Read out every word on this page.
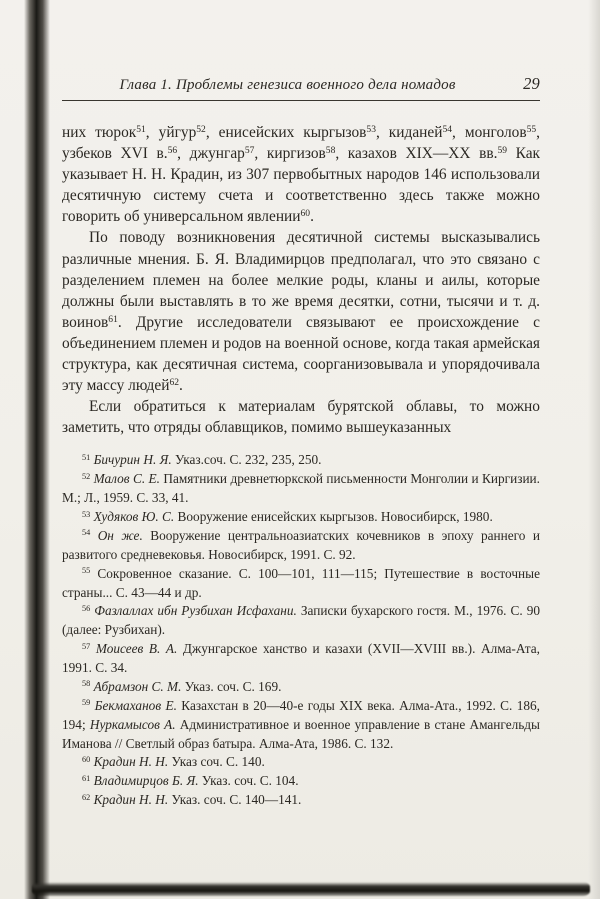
Глава 1. Проблемы генезиса военного дела номадов	29

них тюрок$^{51}$, уйгур$^{52}$, енисейских кыргызов$^{53}$, киданей$^{54}$, монголов$^{55}$, узбеков XVI в.$^{56}$, джунгар$^{57}$, киргизов$^{58}$, казахов XIX—XX вв.$^{59}$ Как указывает Н. Н. Крадин, из 307 первобытных народов 146 использовали десятичную систему счета и соответственно здесь также можно говорить об универсальном явлении$^{60}$.

По поводу возникновения десятичной системы высказывались различные мнения. Б. Я. Владимирцов предполагал, что это связано с разделением племен на более мелкие роды, кланы и аилы, которые должны были выставлять в то же время десятки, сотни, тысячи и т. д. воинов$^{61}$. Другие исследователи связывают ее происхождение с объединением племен и родов на военной основе, когда такая армейская структура, как десятичная система, соорганизовывала и упорядочивала эту массу людей$^{62}$.

Если обратиться к материалам бурятской облавы, то можно заметить, что отряды облавщиков, помимо вышеуказанных

$^{51}$ Бичурин Н. Я. Указ.соч. С. 232, 235, 250.

$^{52}$ Малов С. Е. Памятники древнетюркской письменности Монголии и Киргизии. М.; Л., 1959. С. 33, 41.

$^{53}$ Худяков Ю. С. Вооружение енисейских кыргызов. Новосибирск, 1980.

$^{54}$ Он же. Вооружение центральноазиатских кочевников в эпоху раннего и развитого средневековья. Новосибирск, 1991. С. 92.

$^{55}$ Сокровенное сказание. С. 100—101, 111—115; Путешествие в восточные страны... С. 43—44 и др.

$^{56}$ Фазлаллах ибн Рузбихан Исфахани. Записки бухарского гостя. М., 1976. С. 90 (далее: Рузбихан).

$^{57}$ Моисеев В. А. Джунгарское ханство и казахи (XVII—XVIII вв.). Алма-Ата, 1991. С. 34.

$^{58}$ Абрамзон С. М. Указ. соч. С. 169.

$^{59}$ Бекмаханов Е. Казахстан в 20—40-е годы XIX века. Алма-Ата., 1992. С. 186, 194; Нуркамысов А. Административное и военное управление в стане Амангельды Иманова // Светлый образ батыра. Алма-Ата, 1986. С. 132.

$^{60}$ Крадин Н. Н. Указ соч. С. 140.

$^{61}$ Владимирцов Б. Я. Указ. соч. С. 104.

$^{62}$ Крадин Н. Н. Указ. соч. С. 140—141.
